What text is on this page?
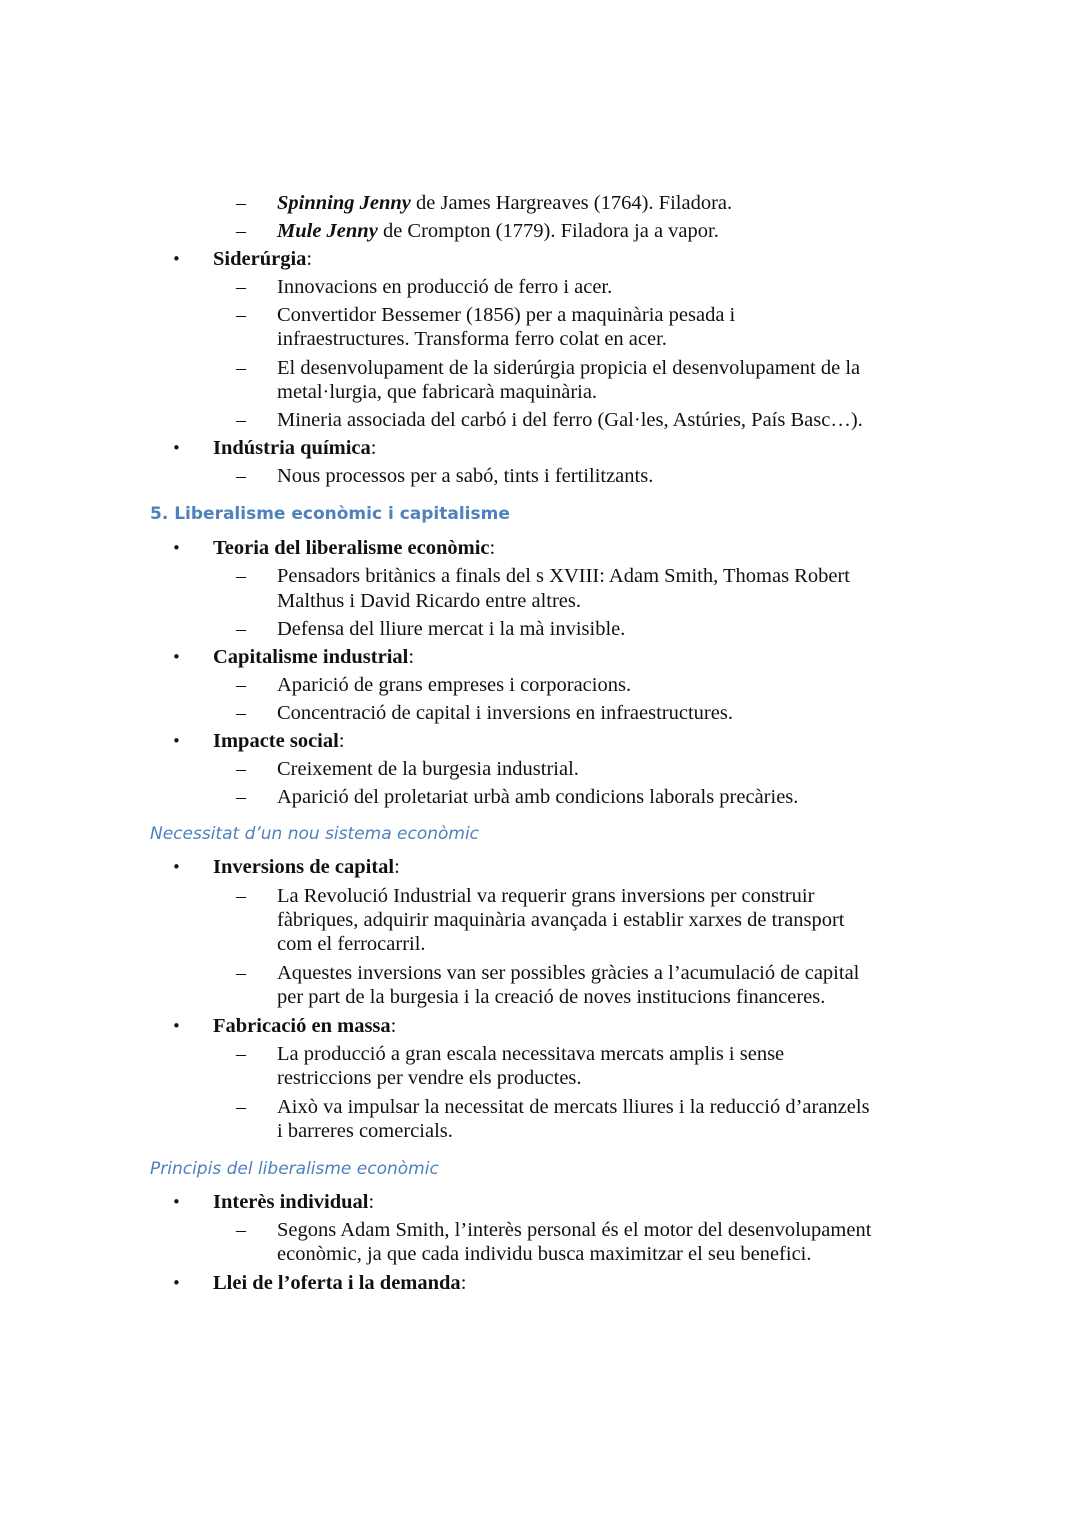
– Spinning Jenny de James Hargreaves (1764). Filadora.
– Mule Jenny de Crompton (1779). Filadora ja a vapor.
• Siderúrgia:
– Innovacions en producció de ferro i acer.
– Convertidor Bessemer (1856) per a maquinària pesada i
infraestructures. Transforma ferro colat en acer.
– El desenvolupament de la siderúrgia propicia el desenvolupament de la
metal·lurgia, que fabricarà maquinària.
– Mineria associada del carbó i del ferro (Gal·les, Astúries, País Basc…).
• Indústria química:
– Nous processos per a sabó, tints i fertilitzants.
5. Liberalisme econòmic i capitalisme
• Teoria del liberalisme econòmic:
– Pensadors britànics a finals del s XVIII: Adam Smith, Thomas Robert
Malthus i David Ricardo entre altres.
– Defensa del lliure mercat i la mà invisible.
• Capitalisme industrial:
– Aparició de grans empreses i corporacions.
– Concentració de capital i inversions en infraestructures.
• Impacte social:
– Creixement de la burgesia industrial.
– Aparició del proletariat urbà amb condicions laborals precàries.
Necessitat d’un nou sistema econòmic
• Inversions de capital:
– La Revolució Industrial va requerir grans inversions per construir
fàbriques, adquirir maquinària avançada i establir xarxes de transport
com el ferrocarril.
– Aquestes inversions van ser possibles gràcies a l’acumulació de capital
per part de la burgesia i la creació de noves institucions financeres.
• Fabricació en massa:
– La producció a gran escala necessitava mercats amplis i sense
restriccions per vendre els productes.
– Això va impulsar la necessitat de mercats lliures i la reducció d’aranzels
i barreres comercials.
Principis del liberalisme econòmic
• Interès individual:
– Segons Adam Smith, l’interès personal és el motor del desenvolupament
econòmic, ja que cada individu busca maximitzar el seu benefici.
• Llei de l’oferta i la demanda:
